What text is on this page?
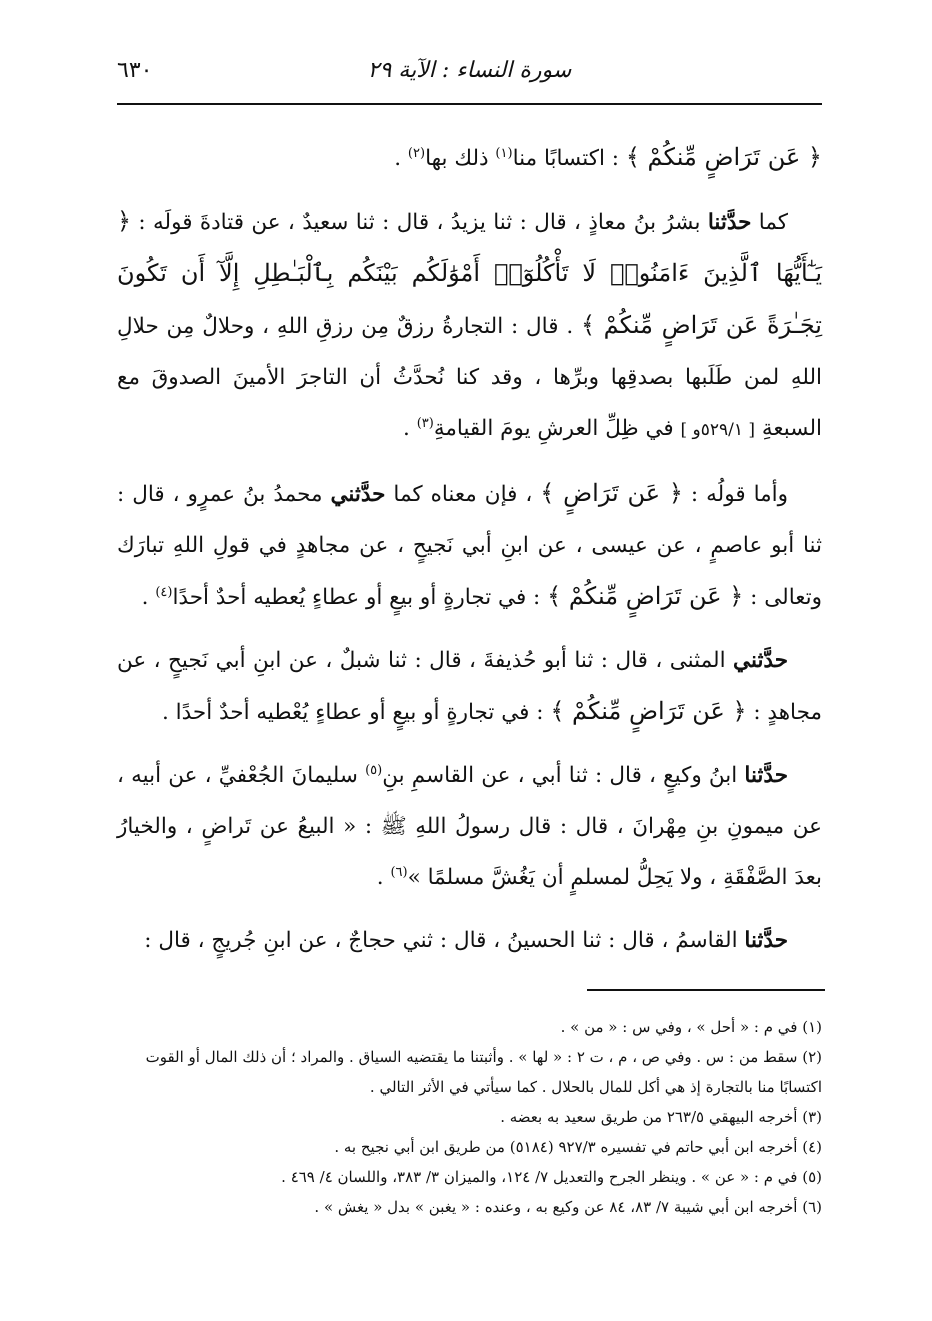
٦٣٠	سورة النساء : الآية ٢٩

﴿ عَن تَرَاضٍ مِّنكُمْ ﴾ : اكتسابًا منا$^{(١)}$ ذلك بها$^{(٢)}$ .

كما حدَّثنا بشرُ بنُ معاذٍ ، قال : ثنا يزيدُ ، قال : ثنا سعيدٌ ، عن قتادةَ قولَه : ﴿ يَـٰٓأَيُّهَا ٱلَّذِينَ ءَامَنُوا۟ لَا تَأْكُلُوٓا۟ أَمْوَٰلَكُم بَيْنَكُم بِٱلْبَـٰطِلِ إِلَّآ أَن تَكُونَ تِجَـٰرَةً عَن تَرَاضٍ مِّنكُمْ ﴾ . قال : التجارةُ رزقٌ مِن رزقِ اللهِ ، وحلالٌ مِن حلالِ اللهِ لمن طَلَبها بصدقِها وبرِّها ، وقد كنا نُحدَّثُ أن التاجرَ الأمينَ الصدوقَ مع السبعةِ [ ٥٢٩/١و ] في ظِلِّ العرشِ يومَ القيامةِ$^{(٣)}$ .

وأما قولُه : ﴿ عَن تَرَاضٍ ﴾ ، فإن معناه كما حدَّثني محمدُ بنُ عمرٍو ، قال : ثنا أبو عاصمٍ ، عن عيسى ، عن ابنِ أبي نَجيحٍ ، عن مجاهدٍ في قولِ اللهِ تبارَك وتعالى : ﴿ عَن تَرَاضٍ مِّنكُمْ ﴾ : في تجارةٍ أو بيعٍ أو عطاءٍ يُعطيه أحدٌ أحدًا$^{(٤)}$ .

حدَّثني المثنى ، قال : ثنا أبو حُذيفةَ ، قال : ثنا شبلٌ ، عن ابنِ أبي نَجيحٍ ، عن مجاهدٍ : ﴿ عَن تَرَاضٍ مِّنكُمْ ﴾ : في تجارةٍ أو بيعٍ أو عطاءٍ يُعْطيه أحدٌ أحدًا .

حدَّثنا ابنُ وكيعٍ ، قال : ثنا أبي ، عن القاسمِ بنِ$^{(٥)}$ سليمانَ الجُعْفيِّ ، عن أبيه ، عن ميمونِ بنِ مِهْرانَ ، قال : قال رسولُ اللهِ ﷺ : « البيعُ عن تَراضٍ ، والخيارُ بعدَ الصَّفْقَةِ ، ولا يَحِلُّ لمسلمٍ أن يَغُشَّ مسلمًا »$^{(٦)}$ .

حدَّثنا القاسمُ ، قال : ثنا الحسينُ ، قال : ثني حجاجٌ ، عن ابنِ جُريجٍ ، قال :

(١) في م : « أحل » ، وفي س : « من » .
(٢) سقط من : س . وفي ص ، م ، ت ٢ : « لها » . وأثبتنا ما يقتضيه السياق . والمراد ؛ أن ذلك المال أو القوت اكتسابًا منا بالتجارة إذ هي أكل للمال بالحلال . كما سيأتي في الأثر التالي .
(٣) أخرجه البيهقي ٢٦٣/٥ من طريق سعيد به بعضه .
(٤) أخرجه ابن أبي حاتم في تفسيره ٩٢٧/٣ (٥١٨٤) من طريق ابن أبي نجيح به .
(٥) في م : « عن » . وينظر الجرح والتعديل ٧/ ١٢٤، والميزان ٣/ ٣٨٣، واللسان ٤/ ٤٦٩ .
(٦) أخرجه ابن أبي شيبة ٧/ ٨٣، ٨٤ عن وكيع به ، وعنده : « يغبن » بدل « يغش » .
